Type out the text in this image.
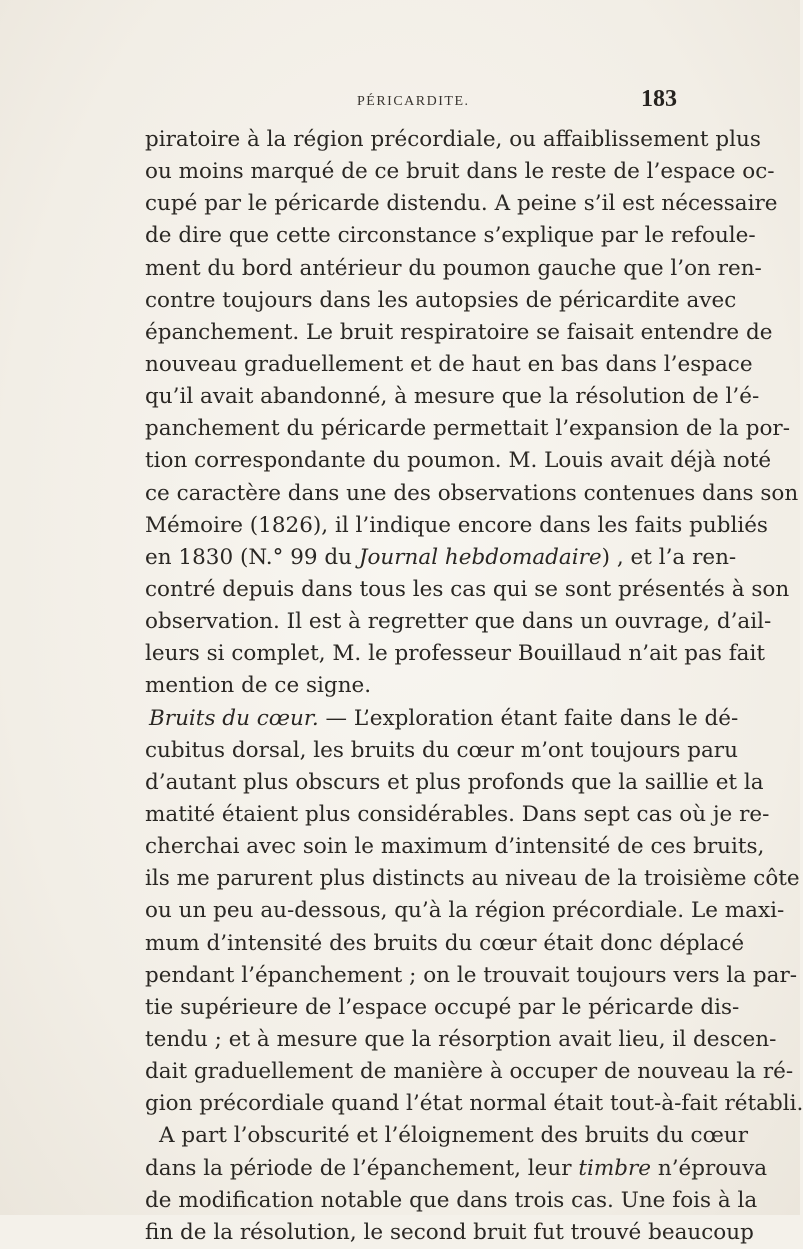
PÉRICARDITE.	183
piratoire à la région précordiale, ou affaiblissement plus
ou moins marqué de ce bruit dans le reste de l’espace oc-
cupé par le péricarde distendu. A peine s’il est nécessaire
de dire que cette circonstance s’explique par le refoule-
ment du bord antérieur du poumon gauche que l’on ren-
contre toujours dans les autopsies de péricardite avec
épanchement. Le bruit respiratoire se faisait entendre de
nouveau graduellement et de haut en bas dans l’espace
qu’il avait abandonné, à mesure que la résolution de l’é-
panchement du péricarde permettait l’expansion de la por-
tion correspondante du poumon. M. Louis avait déjà noté
ce caractère dans une des observations contenues dans son
Mémoire (1826), il l’indique encore dans les faits publiés
en 1830 (N.° 99 du Journal hebdomadaire) , et l’a ren-
contré depuis dans tous les cas qui se sont présentés à son
observation. Il est à regretter que dans un ouvrage, d’ail-
leurs si complet, M. le professeur Bouillaud n’ait pas fait
mention de ce signe.
Bruits du cœur. — L’exploration étant faite dans le dé-
cubitus dorsal, les bruits du cœur m’ont toujours paru
d’autant plus obscurs et plus profonds que la saillie et la
matité étaient plus considérables. Dans sept cas où je re-
cherchai avec soin le maximum d’intensité de ces bruits,
ils me parurent plus distincts au niveau de la troisième côte
ou un peu au-dessous, qu’à la région précordiale. Le maxi-
mum d’intensité des bruits du cœur était donc déplacé
pendant l’épanchement ; on le trouvait toujours vers la par-
tie supérieure de l’espace occupé par le péricarde dis-
tendu ; et à mesure que la résorption avait lieu, il descen-
dait graduellement de manière à occuper de nouveau la ré-
gion précordiale quand l’état normal était tout-à-fait rétabli.
A part l’obscurité et l’éloignement des bruits du cœur
dans la période de l’épanchement, leur timbre n’éprouva
de modification notable que dans trois cas. Une fois à la
fin de la résolution, le second bruit fut trouvé beaucoup
